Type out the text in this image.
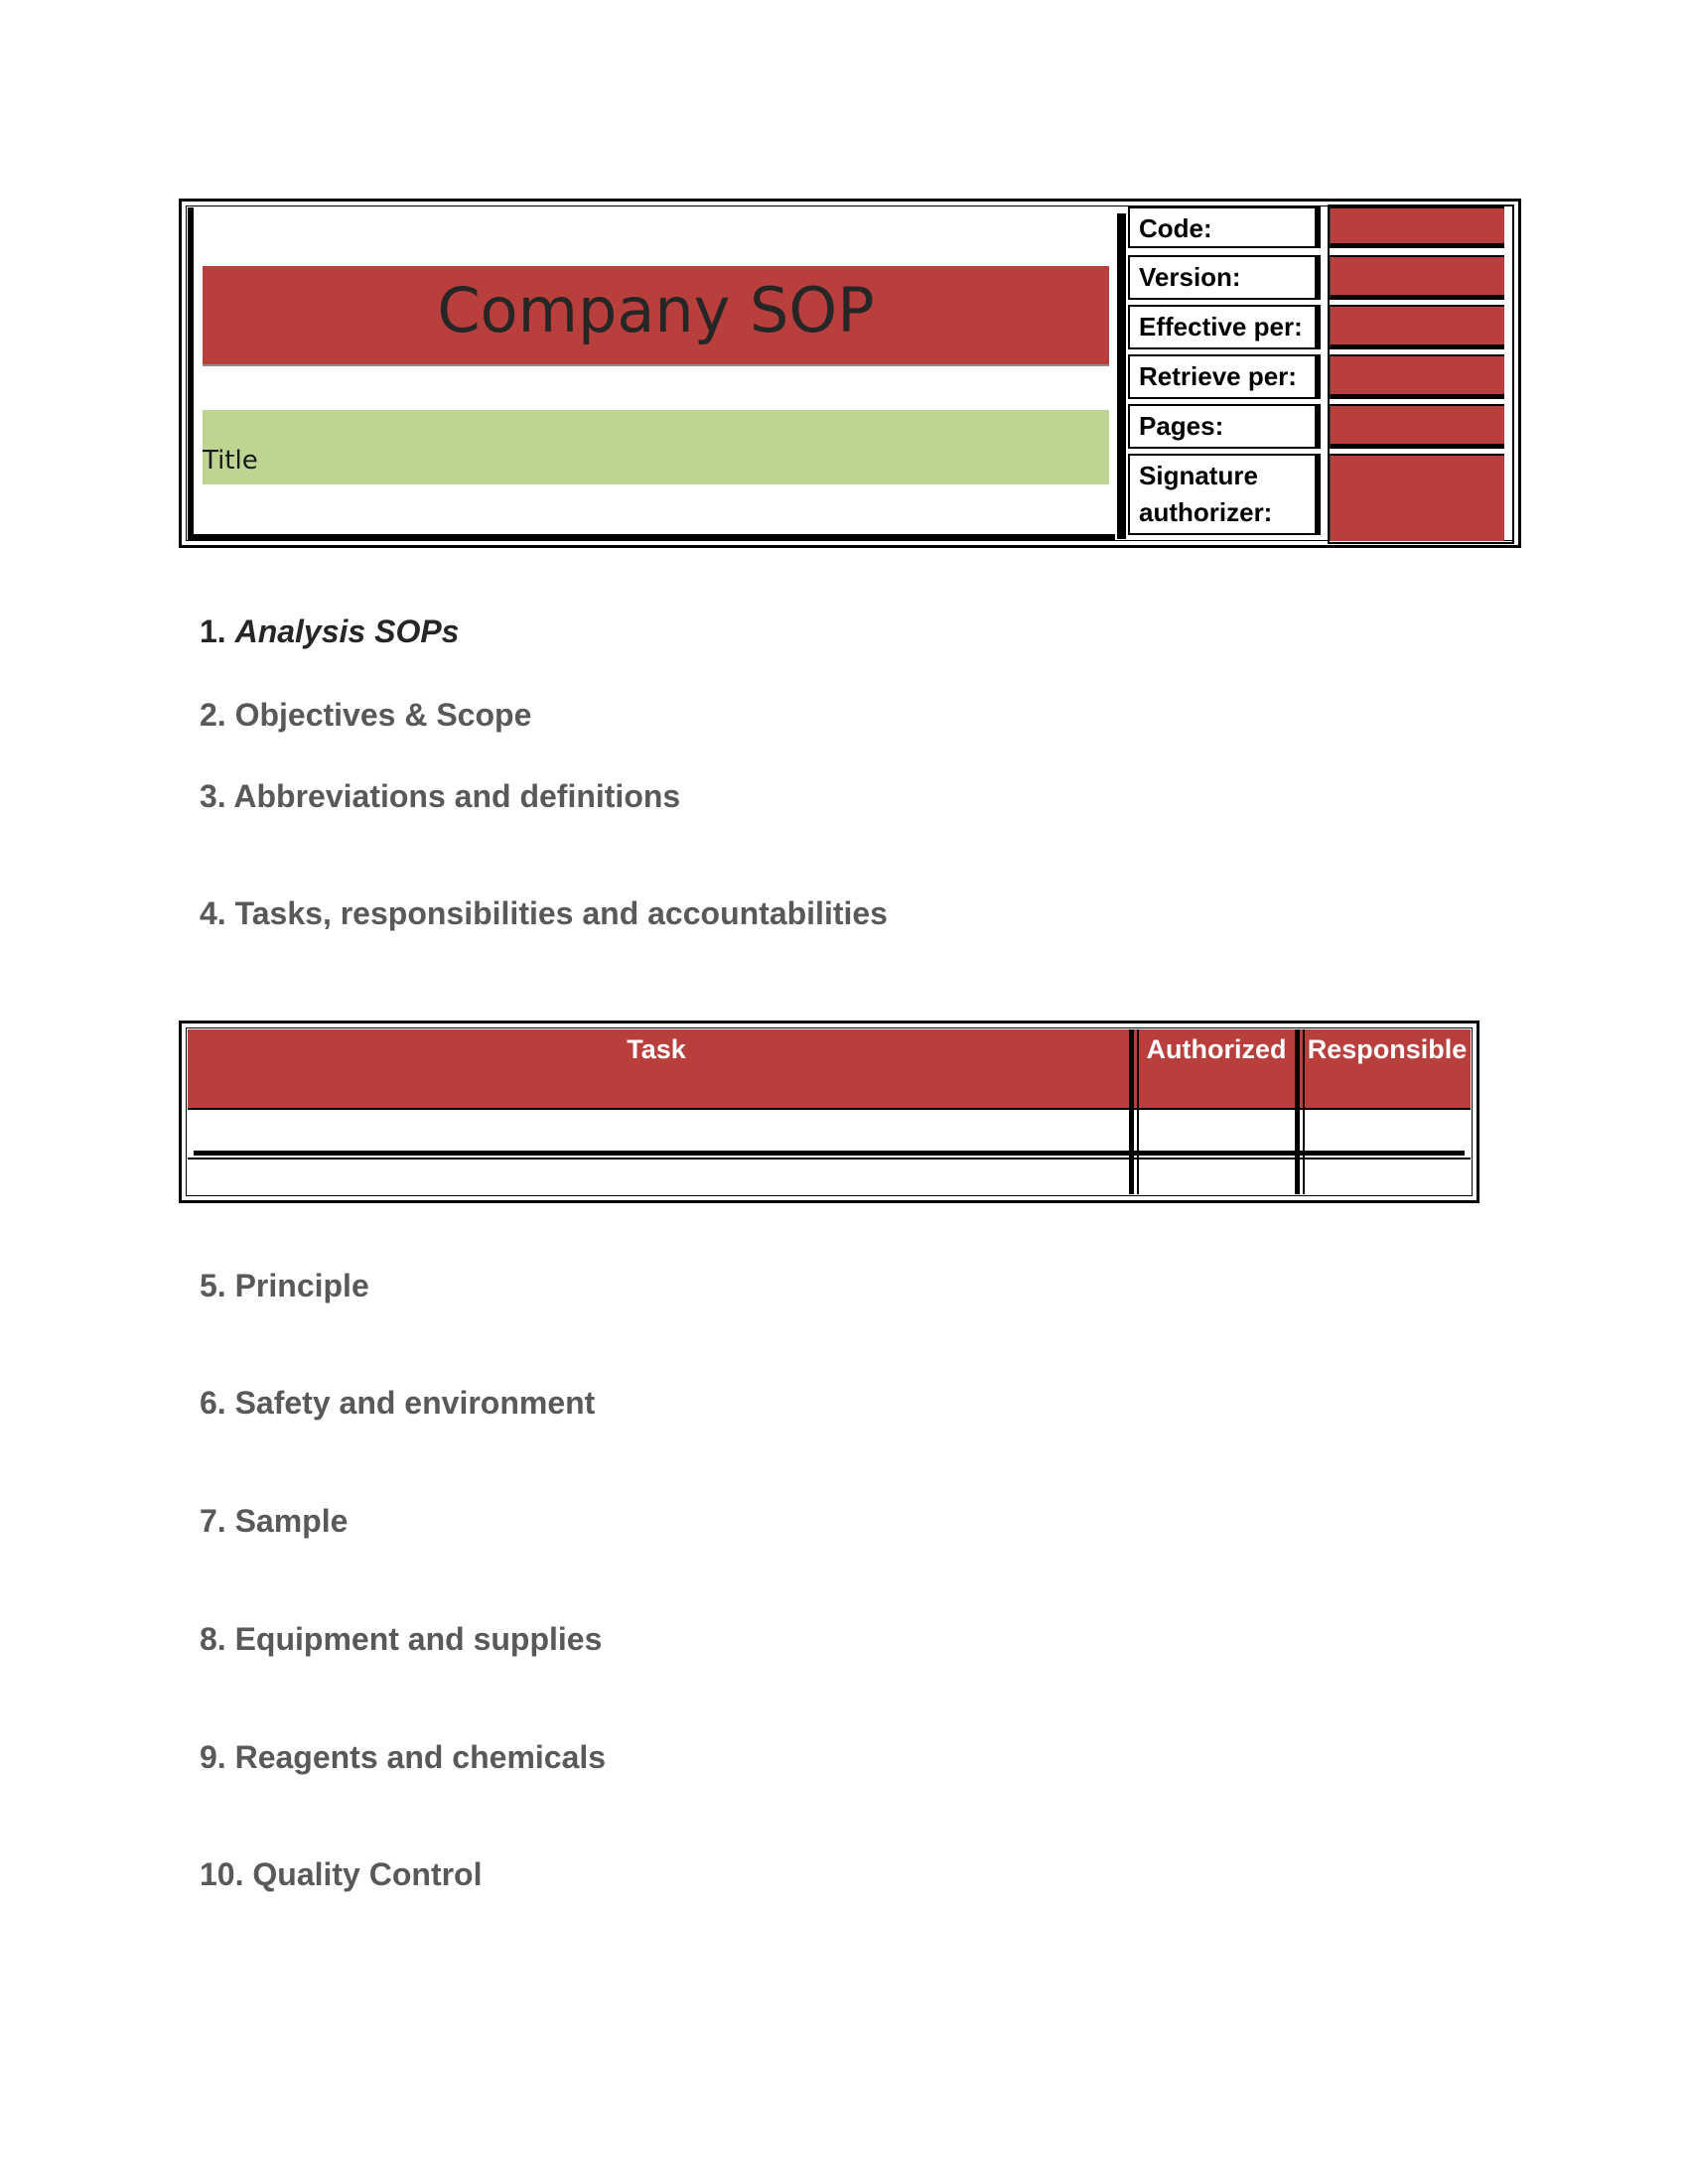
Company SOP
Title
Code:
Version:
Effective per:
Retrieve per:
Pages:
Signature authorizer:
1. Analysis SOPs
2. Objectives & Scope
3. Abbreviations and definitions
4. Tasks, responsibilities and accountabilities
Task	Authorized Responsible
5. Principle
6. Safety and environment
7. Sample
8. Equipment and supplies
9. Reagents and chemicals
10. Quality Control
